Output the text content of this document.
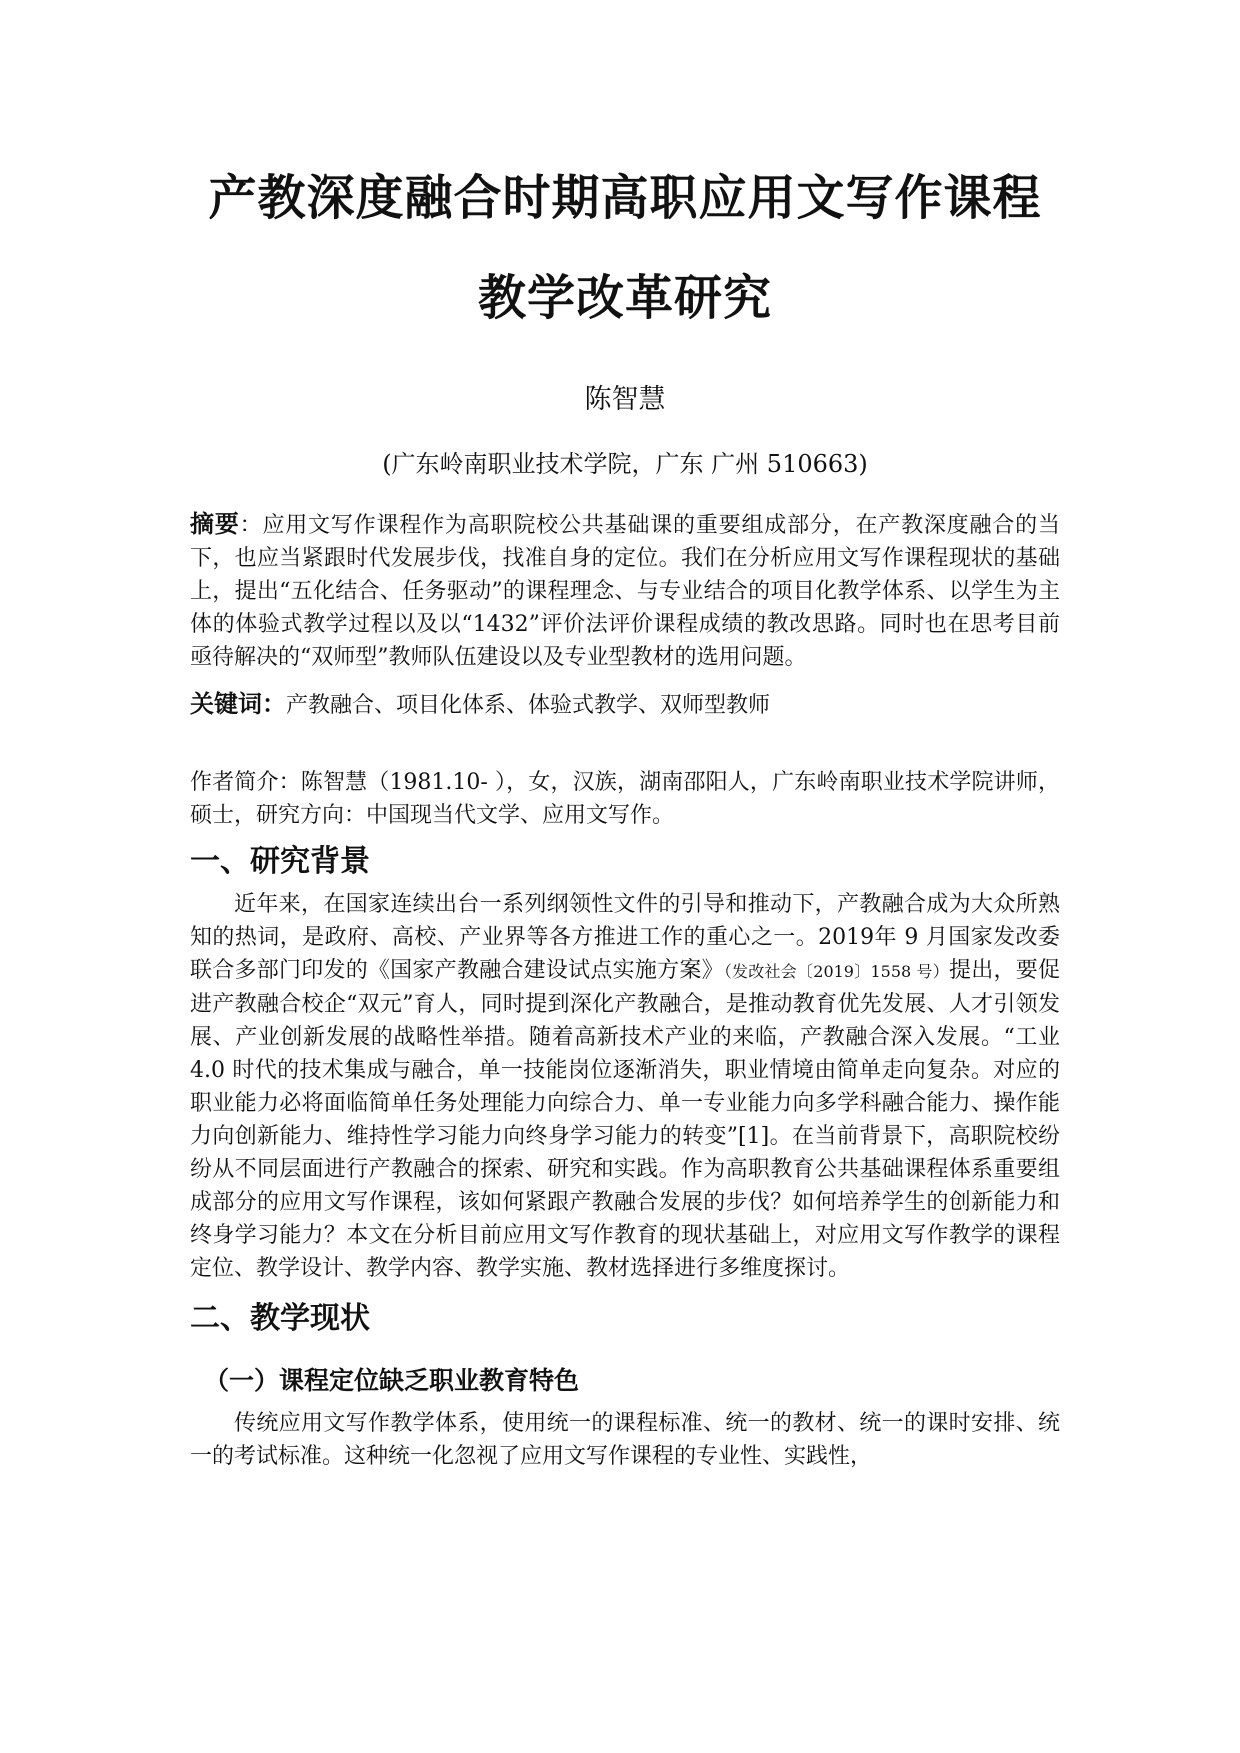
产教深度融合时期高职应用文写作课程
教学改革研究
陈智慧
(广东岭南职业技术学院，广东 广州 510663)

摘要：应用文写作课程作为高职院校公共基础课的重要组成部分，在产教深度融合的当下，也应当紧跟时代发展步伐，找准自身的定位。我们在分析应用文写作课程现状的基础上，提出“五化结合、任务驱动”的课程理念、与专业结合的项目化教学体系、以学生为主体的体验式教学过程以及以“1432”评价法评价课程成绩的教改思路。同时也在思考目前亟待解决的“双师型”教师队伍建设以及专业型教材的选用问题。

关键词：产教融合、项目化体系、体验式教学、双师型教师

作者简介：陈智慧（1981.10- ），女，汉族，湖南邵阳人，广东岭南职业技术学院讲师， 硕士，研究方向：中国现当代文学、应用文写作。

一、研究背景

近年来，在国家连续出台一系列纲领性文件的引导和推动下，产教融合成为大众所熟知的热词，是政府、高校、产业界等各方推进工作的重心之一。2019年 9 月国家发改委联合多部门印发的《国家产教融合建设试点实施方案》（发改社会〔2019〕1558 号）提出，要促进产教融合校企“双元”育人，同时提到深化产教融合，是推动教育优先发展、人才引领发展、产业创新发展的战略性举措。随着高新技术产业的来临，产教融合深入发展。“工业 4.0 时代的技术集成与融合，单一技能岗位逐渐消失，职业情境由简单走向复杂。对应的职业能力必将面临简单任务处理能力向综合力、单一专业能力向多学科融合能力、操作能力向创新能力、维持性学习能力向终身学习能力的转变”[1]。在当前背景下，高职院校纷纷从不同层面进行产教融合的探索、研究和实践。作为高职教育公共基础课程体系重要组成部分的应用文写作课程，该如何紧跟产教融合发展的步伐？如何培养学生的创新能力和终身学习能力？本文在分析目前应用文写作教育的现状基础上，对应用文写作教学的课程定位、教学设计、教学内容、教学实施、教材选择进行多维度探讨。

二、教学现状
（一）课程定位缺乏职业教育特色

传统应用文写作教学体系，使用统一的课程标准、统一的教材、统一的课时安排、统一的考试标准。这种统一化忽视了应用文写作课程的专业性、实践性，
